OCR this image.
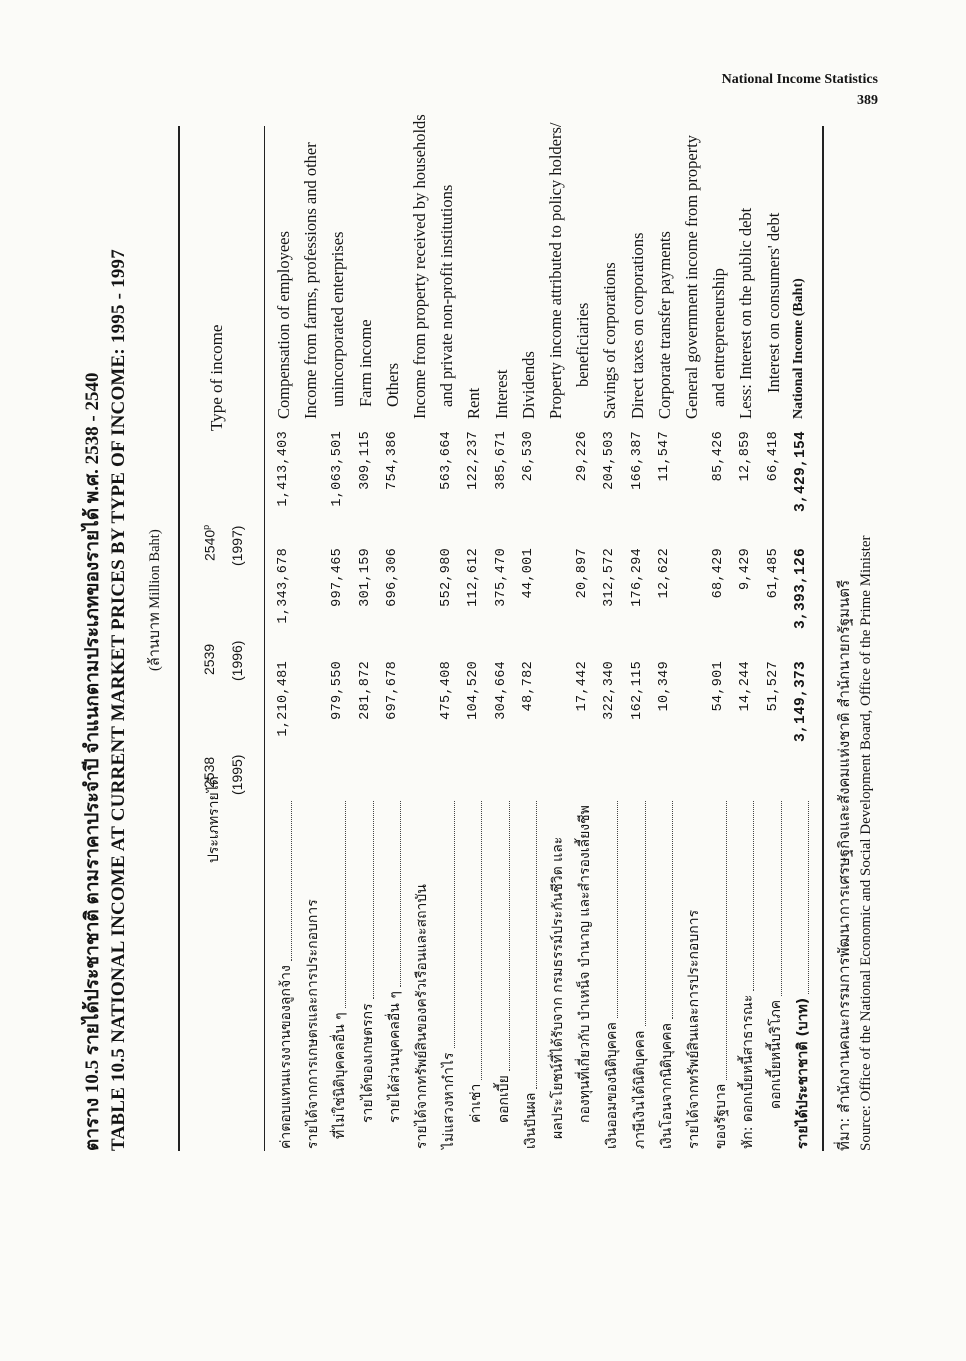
National Income Statistics
389
ตาราง 10.5 รายได้ประชาชาติ ตามราคาประจำปี จำแนกตามประเภทของรายได้ พ.ศ. 2538 - 2540 TABLE 10.5 NATIONAL INCOME AT CURRENT MARKET PRICES BY TYPE OF INCOME: 1995 - 1997 (ล้านบาท Million Baht)
ประเภทรายได้
Type of income
2538 (1995)
2539 (1996)
2540$^p$	(1997)
ค่าตอบแทนแรงงานของลูกจ้าง
1,210,481
1,343,678
1,413,403
Compensation of employees
รายได้จากการเกษตรและการประกอบการ
Income from farms, professions and other
ที่ไม่ใช่นิติบุคคลอื่น ๆ
979,550
997,465
1,063,501
unincorporated enterprises
รายได้ของเกษตรกร
281,872
301,159
309,115
Farm income
รายได้ส่วนบุคคลอื่น ๆ
697,678
696,306
754,386
Others
รายได้จากทรัพย์สินของครัวเรือนและสถาบัน
Income from property received by households
ไม่แสวงหากำไร
475,408
552,980
563,664
and private non-profit institutions
ค่าเช่า
104,520
112,612
122,237
Rent
ดอกเบี้ย
304,664
375,470
385,671
Interest
เงินปันผล
48,782
44,001
26,530
Dividends
ผลประโยชน์ที่ได้รับจาก กรมธรรม์ประกันชีวิต และ
Property income attributed to policy holders/
กองทุนที่เกี่ยวกับ บำเหน็จ บำนาญ และสำรองเลี้ยงชีพ
17,442
20,897
29,226
beneficiaries
เงินออมของนิติบุคคล
322,340
312,572
204,503
Savings of corporations
ภาษีเงินได้นิติบุคคล
162,115
176,294
166,387
Direct taxes on corporations
เงินโอนจากนิติบุคคล
10,349
12,622
11,547
Corporate transfer payments
รายได้จากทรัพย์สินและการประกอบการ
General government income from property
ของรัฐบาล
54,901
68,429
85,426
and entrepreneurship
หัก: ดอกเบี้ยหนี้สาธารณะ
14,244
9,429
12,859
Less: Interest on the public debt
ดอกเบี้ยหนี้บริโภค
51,527
61,485
66,418
Interest on consumers' debt
รายได้ประชาชาติ (บาท)
3,149,373
3,393,126
3,429,154
National Income (Baht)
ที่มา: สำนักงานคณะกรรมการพัฒนาการเศรษฐกิจและสังคมแห่งชาติ สำนักนายกรัฐมนตรี Source: Office of the National Economic and Social Development Board, Office of the Prime Minister
